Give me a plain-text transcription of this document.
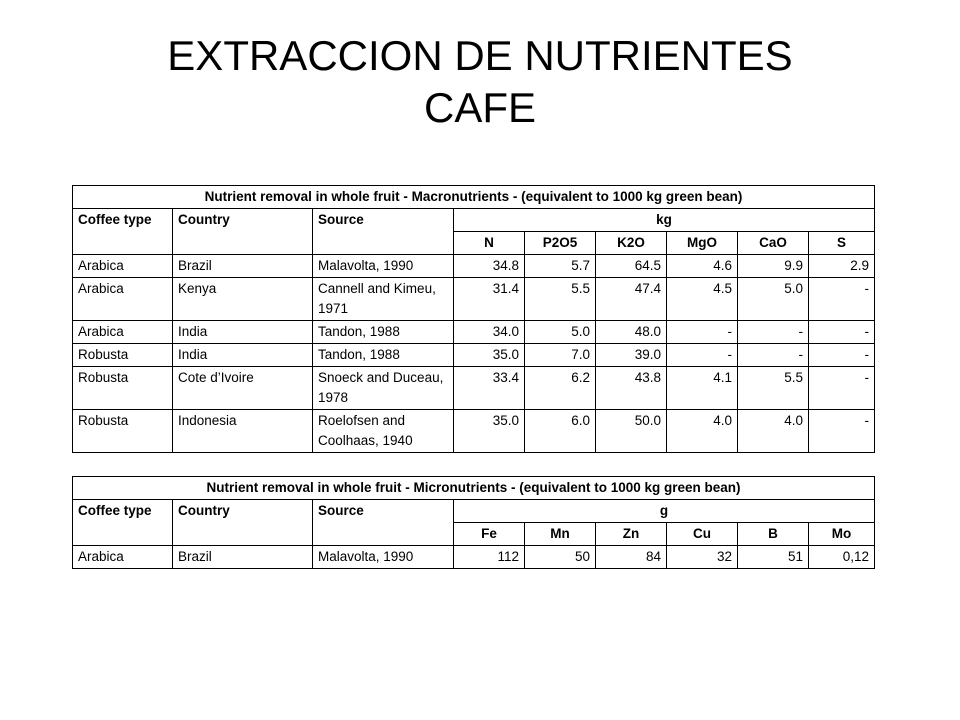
EXTRACCION DE NUTRIENTES
CAFE
Nutrient removal in whole fruit - Macronutrients - (equivalent to 1000 kg green bean)								
Coffee type	Country	Source	kg					
			N	P2O5	K2O	MgO	CaO	S
Arabica	Brazil	Malavolta, 1990	34.8	5.7	64.5	4.6	9.9	2.9
Arabica	Kenya	Cannell and Kimeu, 1971	31.4	5.5	47.4	4.5	5.0	-
Arabica	India	Tandon, 1988	34.0	5.0	48.0	-	-	-
Robusta	India	Tandon, 1988	35.0	7.0	39.0	-	-	-
Robusta	Cote d’Ivoire	Snoeck and Duceau, 1978	33.4	6.2	43.8	4.1	5.5	-
Robusta	Indonesia	Roelofsen and Coolhaas, 1940	35.0	6.0	50.0	4.0	4.0	-
Nutrient removal in whole fruit - Micronutrients - (equivalent to 1000 kg green bean)								
Coffee type	Country	Source	g					
			Fe	Mn	Zn	Cu	B	Mo
Arabica	Brazil	Malavolta, 1990	112	50	84	32	51	0,12
